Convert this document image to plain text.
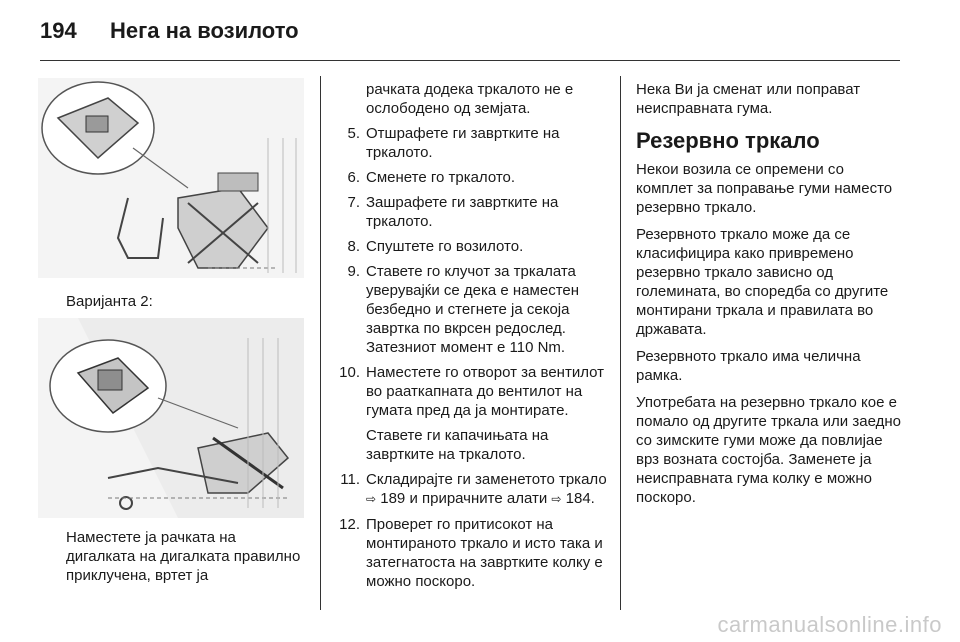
194 Нега на возилото
Варијанта 2:
Наместете ја рачката на дигалката на дигалката правилно приклучена, вртет ја
рачката додека тркалото не е ослободено од земјата.
5. Отшрафете ги завртките на тркалото.
6. Сменете го тркалото.
7. Зашрафете ги завртките на тркалото.
8. Спуштете го возилото.
9. Ставете го клучот за тркалата уверувајќи се дека е наместен безбедно и стегнете ја секоја завртка по вкрсен редослед. Затезниот момент е 110 Nm.
10. Наместете го отворот за вентилот во рааткапната до вентилот на гумата пред да ја монтирате.
Ставете ги капачињата на завртките на тркалото.
11. Складирајте ги заменетото тркало ⇨ 189 и прирачните алати ⇨ 184.
12. Проверет го притисокот на монтираното тркало и исто така и затегнатоста на завртките колку е можно поскоро.
Нека Ви ја сменат или поправат неисправната гума.
Резервно тркало
Некои возила се опремени со комплет за поправање гуми наместо резервно тркало.
Резервното тркало може да се класифицира како привремено резервно тркало зависно од големината, во споредба со другите монтирани тркала и правилата во државата.
Резервното тркало има челична рамка.
Употребата на резервно тркало кое е помало од другите тркала или заедно со зимските гуми може да повлијае врз возната состојба. Заменете ја неисправната гума колку е можно поскоро.
carmanualsonline.info
